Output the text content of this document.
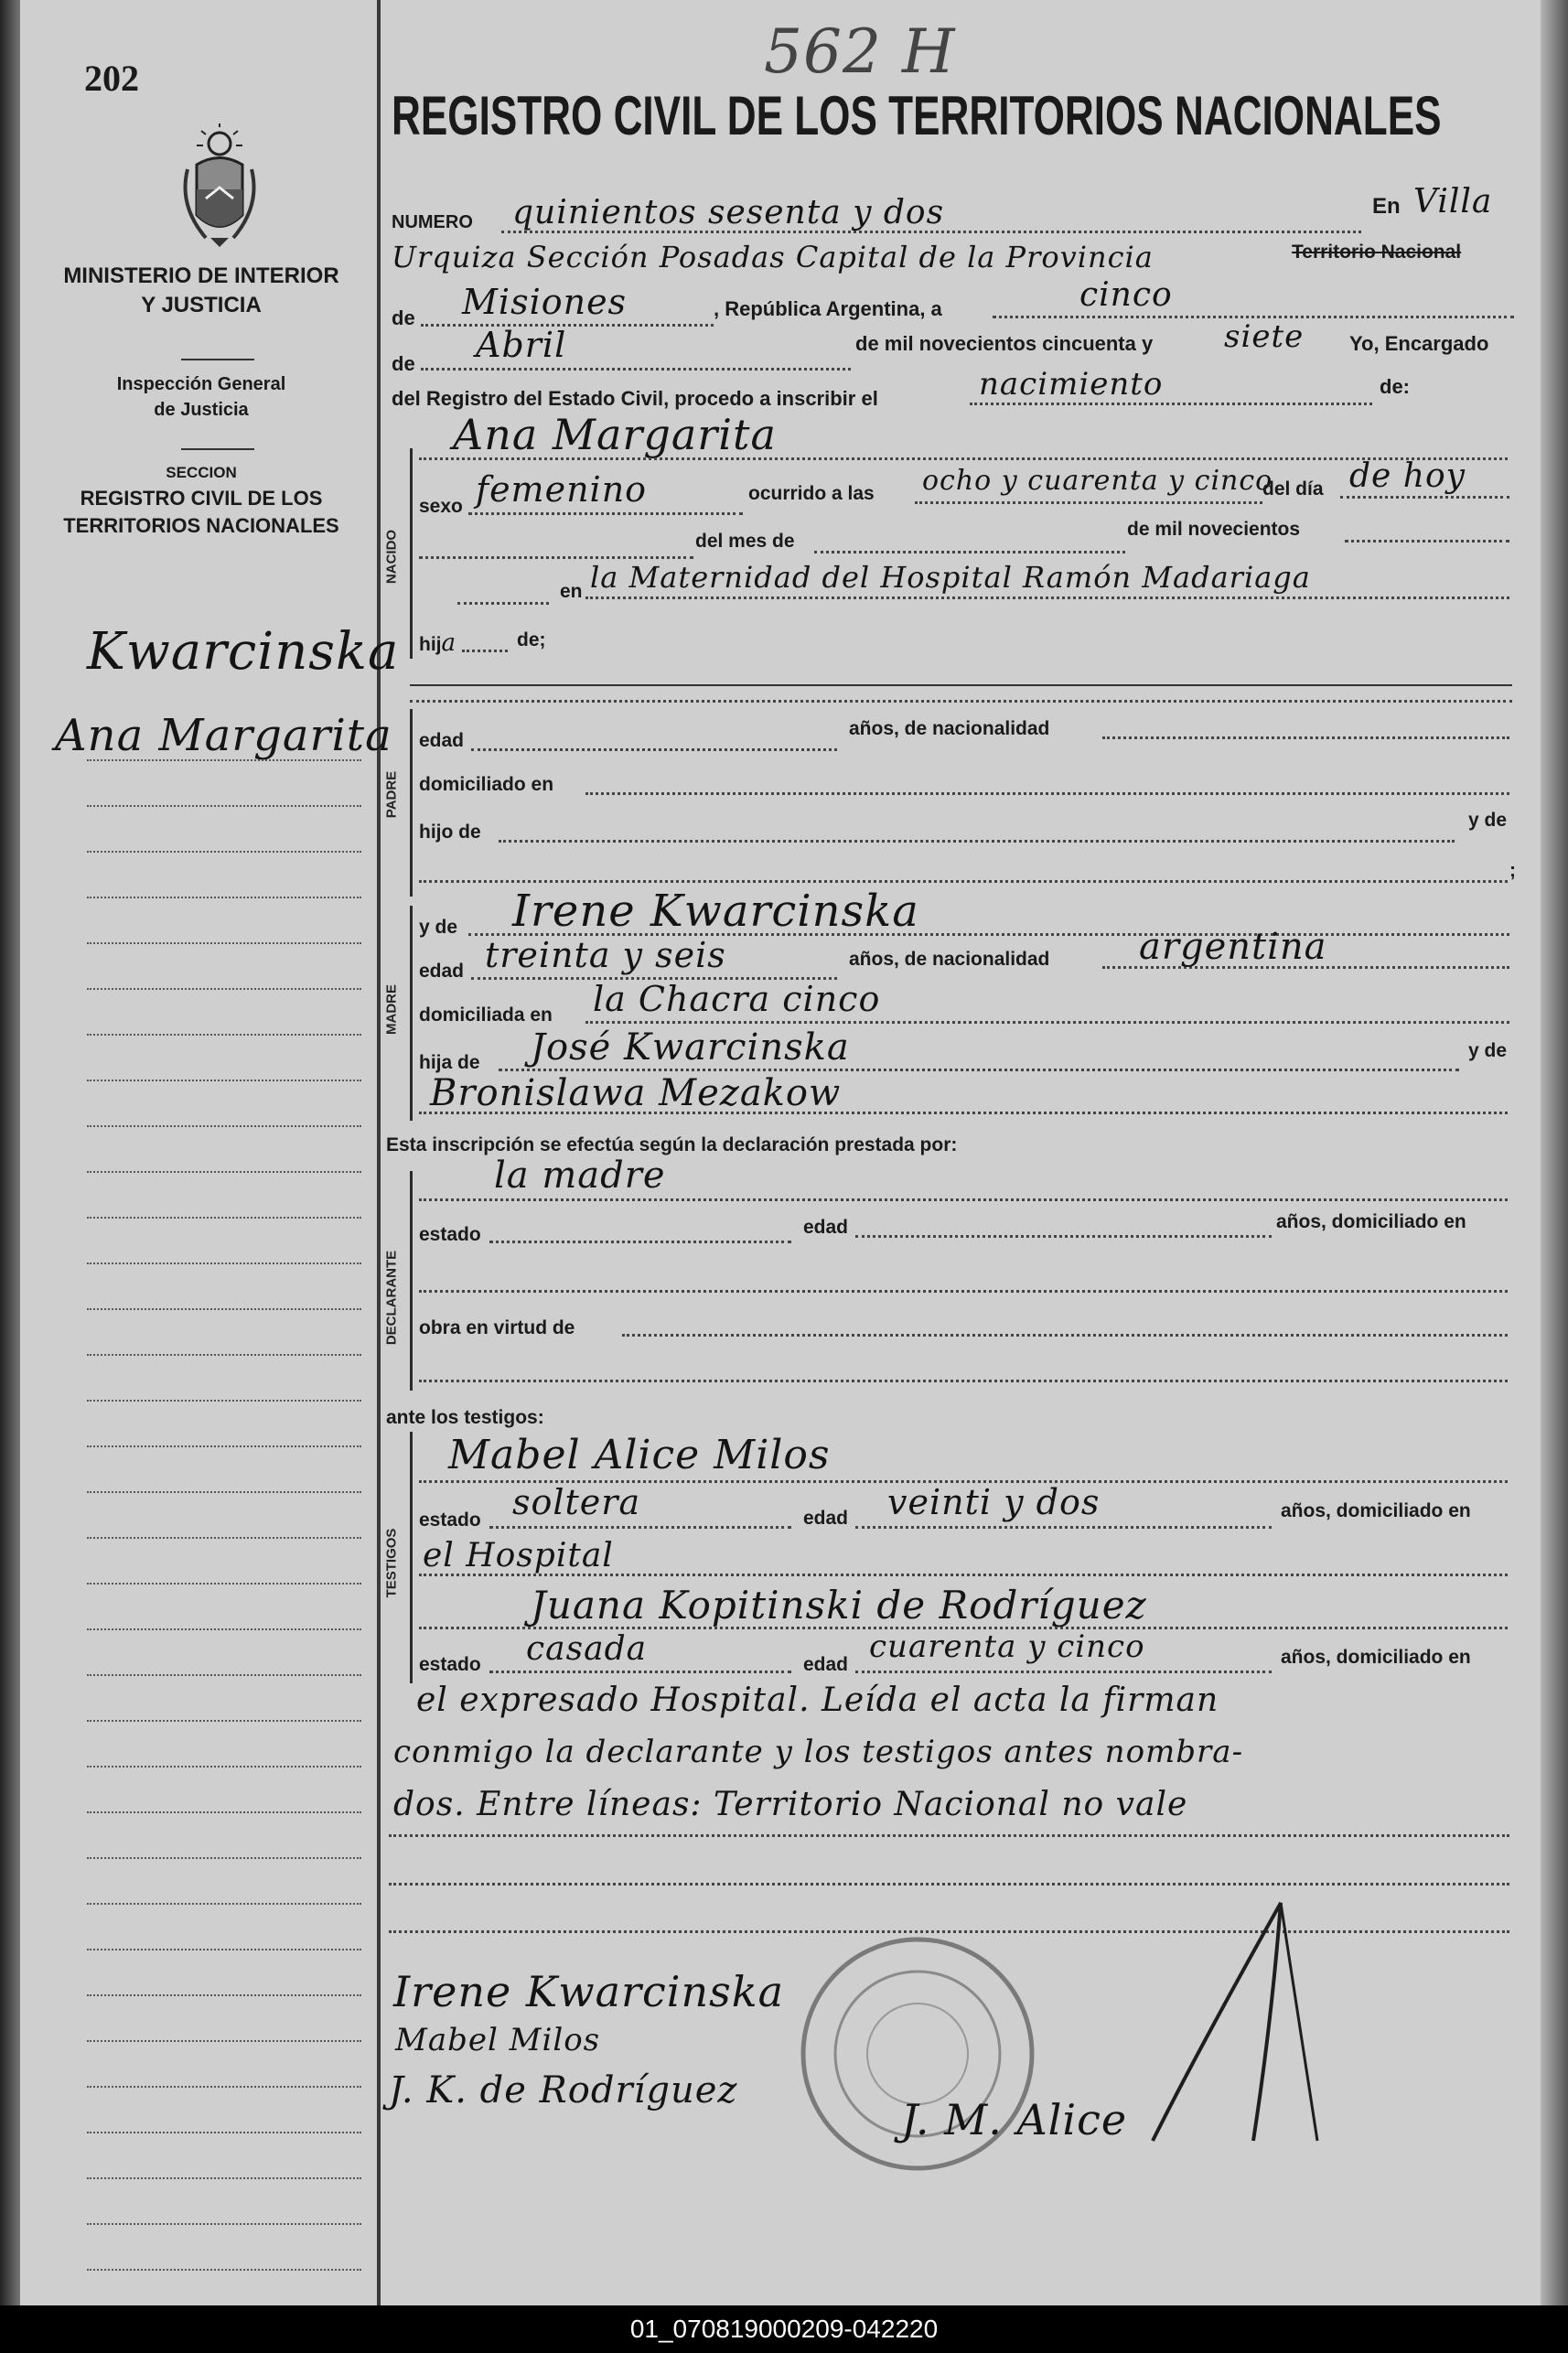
202
MINISTERIO DE INTERIOR
Y JUSTICIA
Inspección General
de Justicia
SECCION
REGISTRO CIVIL DE LOS
TERRITORIOS NACIONALES
Kwarcinska
Ana Margarita
562 H
REGISTRO CIVIL DE LOS TERRITORIOS NACIONALES
NUMERO quinientos sesenta y dos	En Villa
Urquiza Sección Posadas Capital de la Provincia	Territorio Nacional
de Misiones	, República Argentina, a	cinco
de Abril	de mil novecientos cincuenta y siete Yo, Encargado
del Registro del Estado Civil, procedo a inscribir el	nacimiento	de:
NACIDO
Ana Margarita
sexo femenino	ocurrido a las ocho y cuarenta y cinco
del día de hoy
del mes de
de mil novecientos
en la Maternidad del Hospital Ramón Madariaga
hija	de;
PADRE
edad
años, de nacionalidad
domiciliado en
hijo de
y de
;
MADRE
y de Irene Kwarcinska
edad treinta y seis	años, de nacionalidad argentina
domiciliada en la Chacra cinco
hija de José Kwarcinska	y de
Bronislawa Mezakow
Esta inscripción se efectúa según la declaración prestada por:
la madre
DECLARANTE
estado	edad	años, domiciliado en
obra en virtud de
ante los testigos:
TESTIGOS
Mabel Alice Milos
estado soltera	edad veinti y dos	años, domiciliado en
el Hospital
Juana Kopitinski de Rodríguez
estado casada	edad cuarenta y cinco	años, domiciliado en
el expresado Hospital. Leída el acta la firman
conmigo la declarante y los testigos antes nombra-
dos. Entre líneas: Territorio Nacional no vale
Irene Kwarcinska
Mabel Milos
J. K. de Rodríguez
J. M. Alice
01_070819000209-042220
